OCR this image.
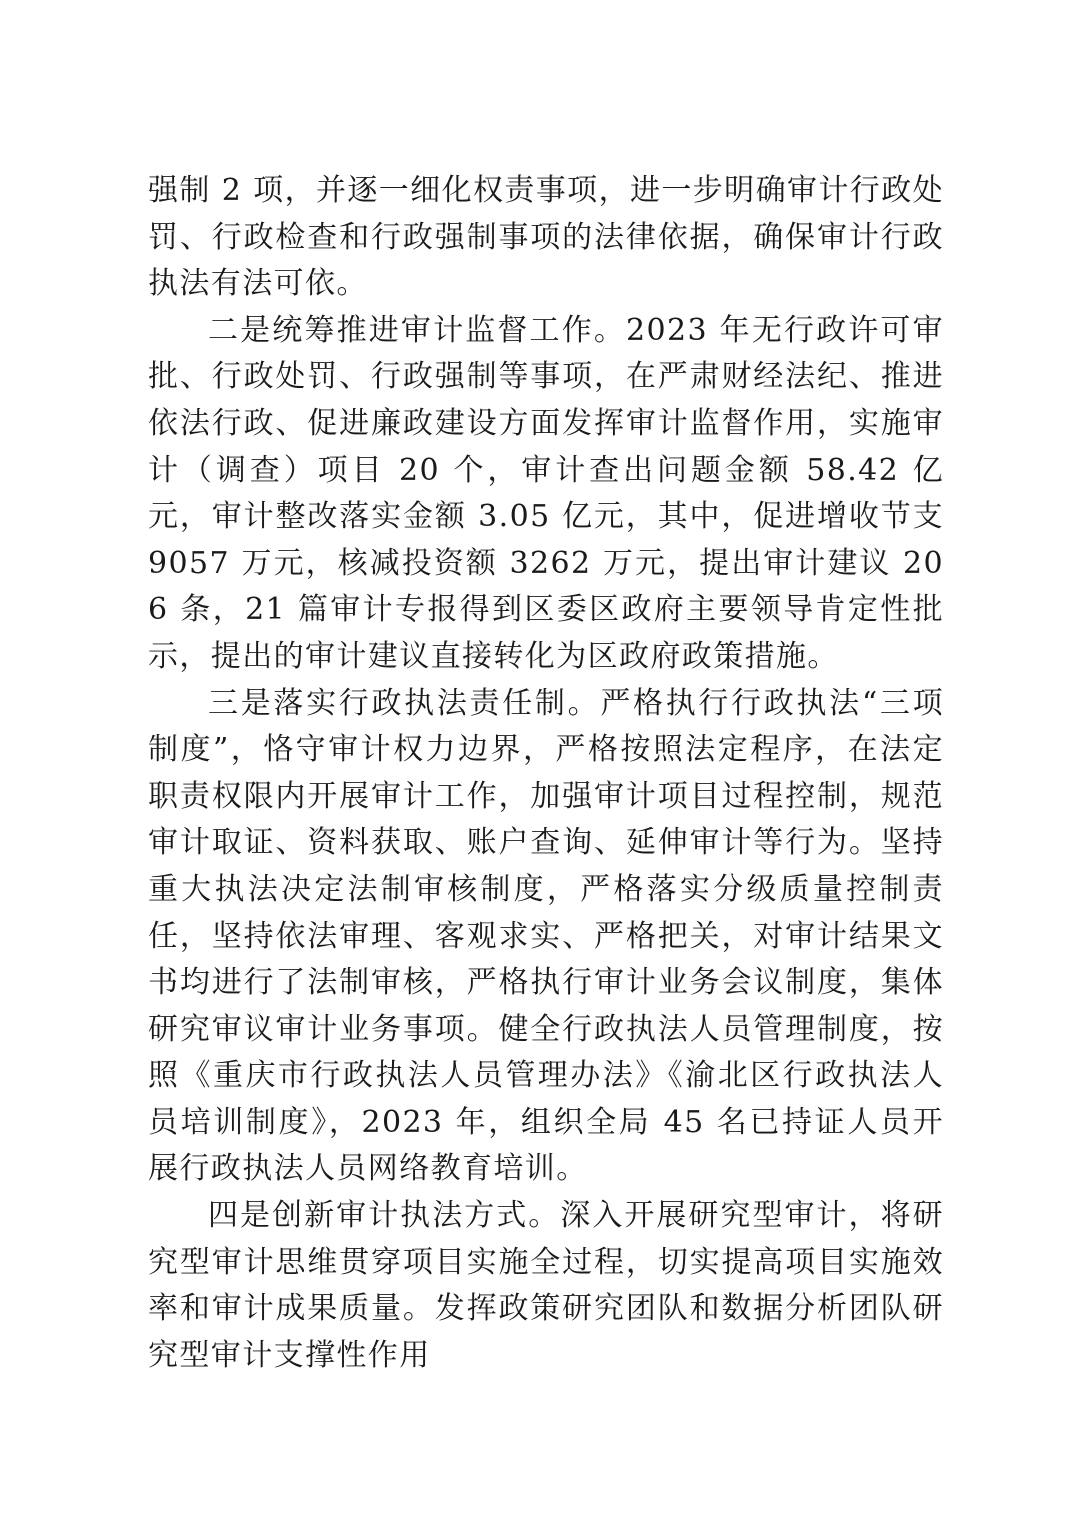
强制 2 项，并逐一细化权责事项，进一步明确审计行政处罚、行政检查和行政强制事项的法律依据，确保审计行政执法有法可依。

二是统筹推进审计监督工作。2023 年无行政许可审批、行政处罚、行政强制等事项，在严肃财经法纪、推进依法行政、促进廉政建设方面发挥审计监督作用，实施审计（调查）项目 20 个，审计查出问题金额 58.42 亿元，审计整改落实金额 3.05 亿元，其中，促进增收节支 9057 万元，核减投资额 3262 万元，提出审计建议 206 条，21 篇审计专报得到区委区政府主要领导肯定性批示，提出的审计建议直接转化为区政府政策措施。

三是落实行政执法责任制。严格执行行政执法“三项制度”，恪守审计权力边界，严格按照法定程序，在法定职责权限内开展审计工作，加强审计项目过程控制，规范审计取证、资料获取、账户查询、延伸审计等行为。坚持重大执法决定法制审核制度，严格落实分级质量控制责任，坚持依法审理、客观求实、严格把关，对审计结果文书均进行了法制审核，严格执行审计业务会议制度，集体研究审议审计业务事项。健全行政执法人员管理制度，按照《重庆市行政执法人员管理办法》《渝北区行政执法人员培训制度》，2023 年，组织全局 45 名已持证人员开展行政执法人员网络教育培训。

四是创新审计执法方式。深入开展研究型审计，将研究型审计思维贯穿项目实施全过程，切实提高项目实施效率和审计成果质量。发挥政策研究团队和数据分析团队研究型审计支撑性作用
